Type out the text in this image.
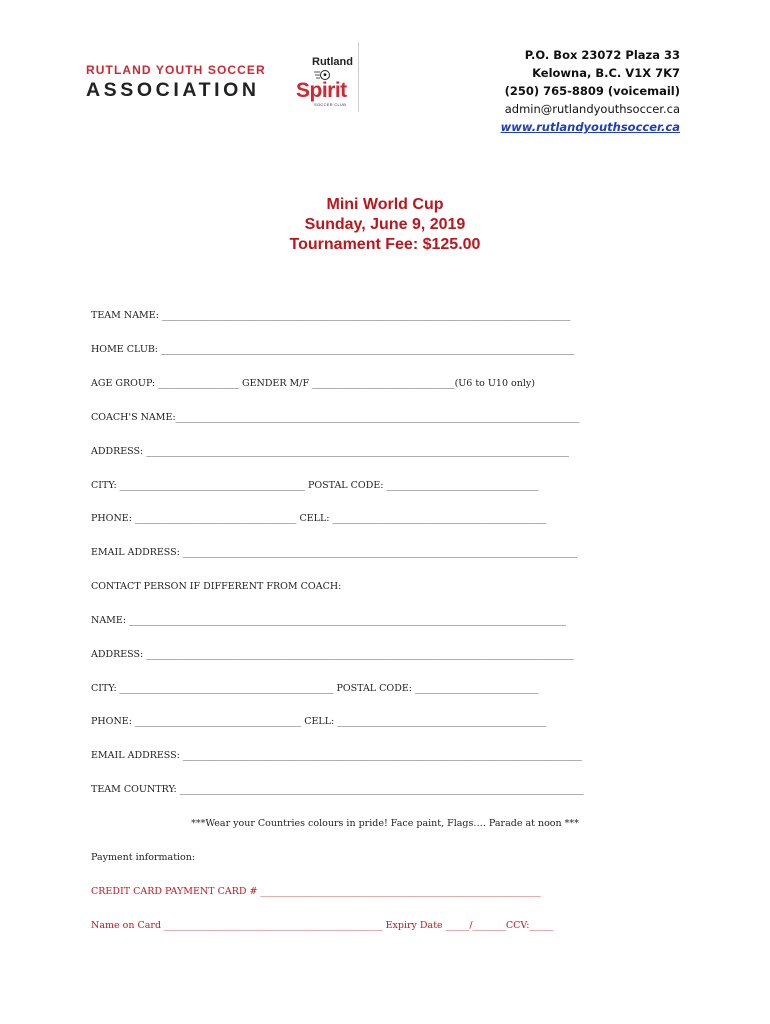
RUTLAND YOUTH SOCCER
ASSOCIATION
Rutland
Spirit
SOCCER CLUB
P.O. Box 23072 Plaza 33
Kelowna, B.C. V1X 7K7
(250) 765-8809 (voicemail)
admin@rutlandyouthsoccer.ca
www.rutlandyouthsoccer.ca
Mini World Cup
Sunday, June 9, 2019
Tournament Fee: $125.00
TEAM NAME: ______________________________________________________________________________________
HOME CLUB: _______________________________________________________________________________________
AGE GROUP: _________________ GENDER M/F ______________________________(U6 to U10 only)
COACH'S NAME:_____________________________________________________________________________________
ADDRESS: _________________________________________________________________________________________
CITY: _______________________________________ POSTAL CODE: ________________________________
PHONE: __________________________________ CELL: _____________________________________________
EMAIL ADDRESS: ___________________________________________________________________________________
CONTACT PERSON IF DIFFERENT FROM COACH:
NAME: ____________________________________________________________________________________________
ADDRESS: __________________________________________________________________________________________
CITY: _____________________________________________ POSTAL CODE: __________________________
PHONE: ___________________________________ CELL: ____________________________________________
EMAIL ADDRESS: ____________________________________________________________________________________
TEAM COUNTRY: _____________________________________________________________________________________
***Wear your Countries colours in pride! Face paint, Flags…. Parade at noon ***
Payment information:
CREDIT CARD PAYMENT CARD # ___________________________________________________________
Name on Card ______________________________________________ Expiry Date _____/_______CCV:_____
